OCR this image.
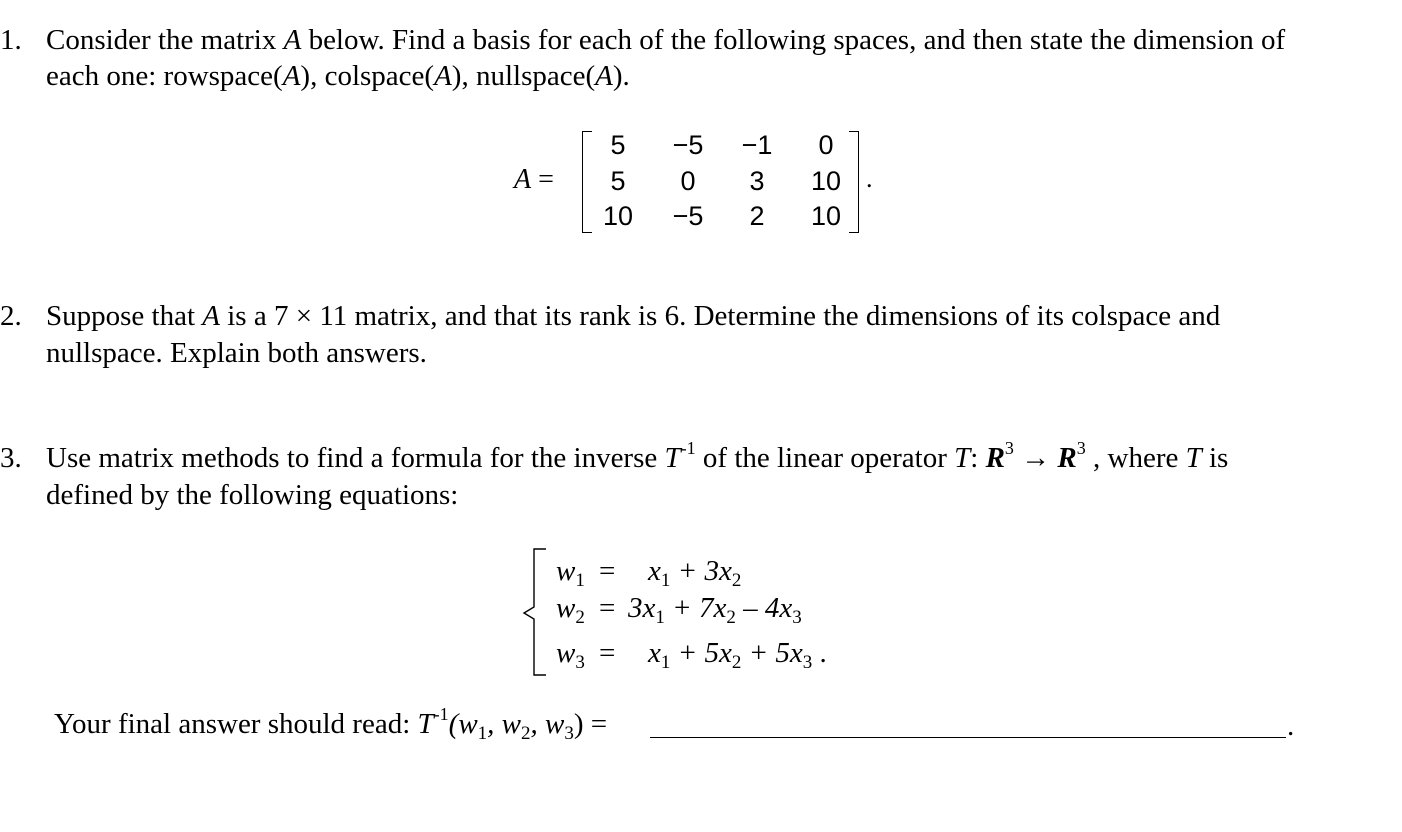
1. Consider the matrix A below. Find a basis for each of the following spaces, and then state the dimension of
each one: rowspace(A), colspace(A), nullspace(A).
A =
5	−5	−1	0
5	0	3	10
10	−5	2	10
.
2. Suppose that A is a 7 × 11 matrix, and that its rank is 6. Determine the dimensions of its colspace and
nullspace. Explain both answers.
3. Use matrix methods to find a formula for the inverse $T^{-1}$ of the linear operator T: $R^3 \to R^3$ , where T is
defined by the following equations:
$w_1 = x_1 + 3x_2$
$w_2 = 3x_1 + 7x_2 - 4x_3$
$w_3 = x_1 + 5x_2 + 5x_3$ .
Your final answer should read: $T^{-1}(w_1$, $w_2$, $w_3$) =	.
